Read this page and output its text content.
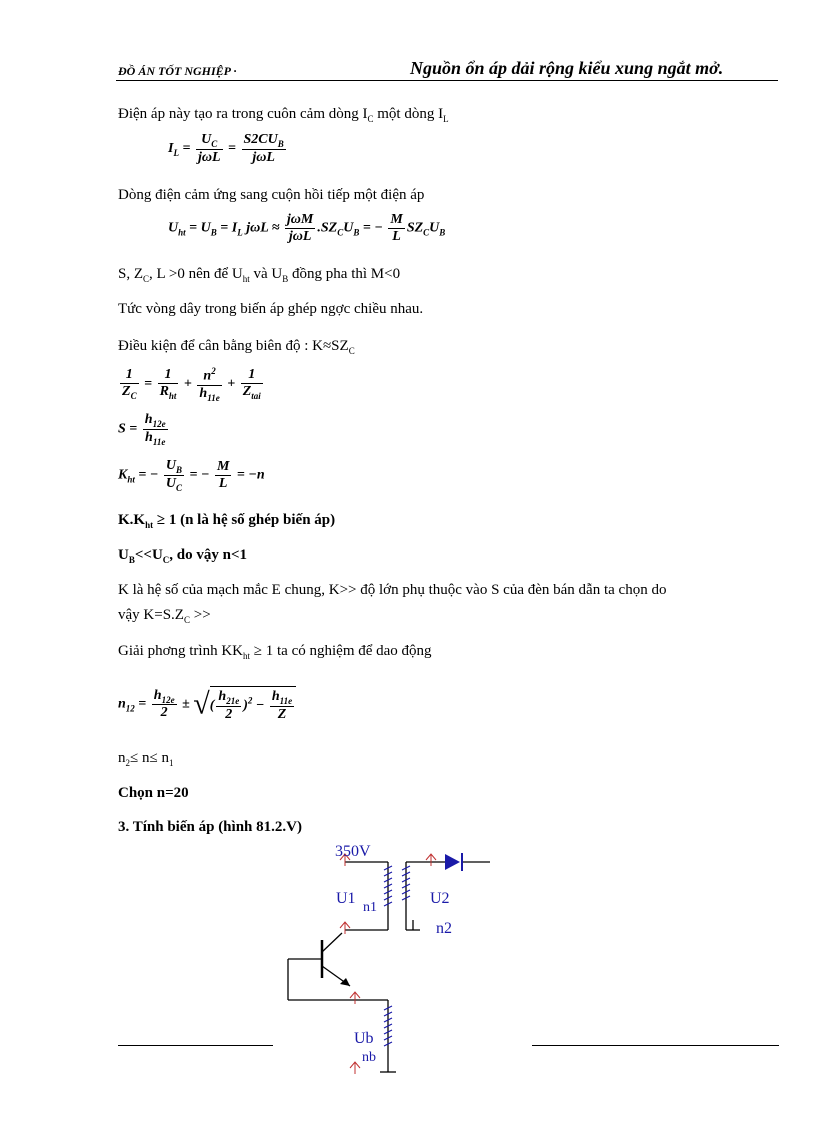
ĐỒ ÁN TỐT NGHIỆP ·	Nguồn ổn áp dải rộng kiểu xung ngắt mở.
Điện áp này tạo ra trong cuôn cảm dòng $I_C$ một dòng $I_L$
$I_L = \frac{U_C}{\text{jωL}} = \frac{S2CU_B}{\text{jωL}}$
Dòng điện cảm ứng sang cuộn hồi tiếp một điện áp
$U_{ht} = U_B = I_L$ $j\omega L \approx \frac{\text{jωM}}{\text{jωL}} .SZ_CU_B$ = − $\frac{M}{L} SZ_CU_B$
S, $Z_C$, L >0 nên để $U_{ht}$ và $U_B$ đồng pha thì M<0
Tức vòng dây trong biến áp ghép ngợc chiều nhau.
Điều kiện để cân bằng biên độ : $K\approx SZ_C$
$\frac{1}{Z_C} = \frac{1}{R_{ht}} + \frac{n^2}{h_{11e}} + \frac{1}{Z_{tai}}$
$S = \frac{h_{12e}}{h_{11e}}$
$K_{ht}$ = − $\frac{U_B}{U_C}$ = − $\frac{M}{L} = -n$
$K.K_{ht} \ge 1$ (n là hệ số ghép biến áp)
$U_B<<U_C$, do vậy n<1
K là hệ số của mạch mắc E chung, K>> độ lớn phụ thuộc vào S của đèn bán dẫn ta chọn do
vậy $K=S.Z_C$ >>
Giải phơng trình $KK_{ht} \ge 1$ ta có nghiệm để dao động
$n_{12} = \frac{h_{12e}}{2}$ ± √( $\frac{h_{21e}}{2} )^2 - \frac{h_{11e}}{Z}$
$n_2\le n\le n_1$
Chọn n=20
3. Tính biến áp (hình 81.2.V)
350V
U1
n1
U2
n2
Ub
nb
